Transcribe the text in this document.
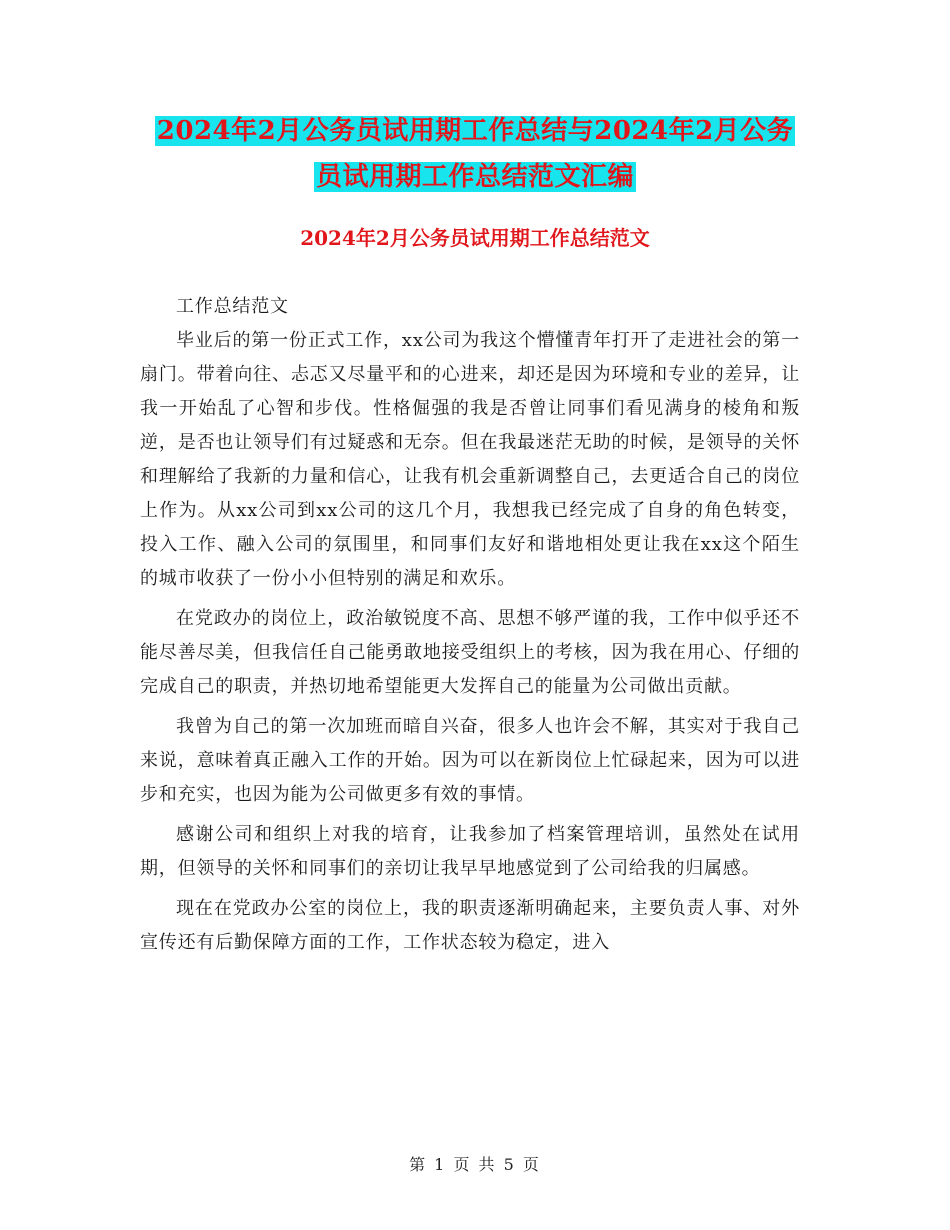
2024年2月公务员试用期工作总结与2024年2月公务
员试用期工作总结范文汇编
2024年2月公务员试用期工作总结范文

工作总结范文

毕业后的第一份正式工作，xx公司为我这个懵懂青年打开了走进社会的第一扇门。带着向往、忐忑又尽量平和的心进来，却还是因为环境和专业的差异，让我一开始乱了心智和步伐。性格倔强的我是否曾让同事们看见满身的棱角和叛逆，是否也让领导们有过疑惑和无奈。但在我最迷茫无助的时候，是领导的关怀和理解给了我新的力量和信心，让我有机会重新调整自己，去更适合自己的岗位上作为。从xx公司到xx公司的这几个月，我想我已经完成了自身的角色转变，投入工作、融入公司的氛围里，和同事们友好和谐地相处更让我在xx这个陌生的城市收获了一份小小但特别的满足和欢乐。

在党政办的岗位上，政治敏锐度不高、思想不够严谨的我，工作中似乎还不能尽善尽美，但我信任自己能勇敢地接受组织上的考核，因为我在用心、仔细的完成自己的职责，并热切地希望能更大发挥自己的能量为公司做出贡献。

我曾为自己的第一次加班而暗自兴奋，很多人也许会不解，其实对于我自己来说，意味着真正融入工作的开始。因为可以在新岗位上忙碌起来，因为可以进步和充实，也因为能为公司做更多有效的事情。

感谢公司和组织上对我的培育，让我参加了档案管理培训，虽然处在试用期，但领导的关怀和同事们的亲切让我早早地感觉到了公司给我的归属感。

现在在党政办公室的岗位上，我的职责逐渐明确起来，主要负责人事、对外宣传还有后勤保障方面的工作，工作状态较为稳定，进入

第 1 页 共 5 页
